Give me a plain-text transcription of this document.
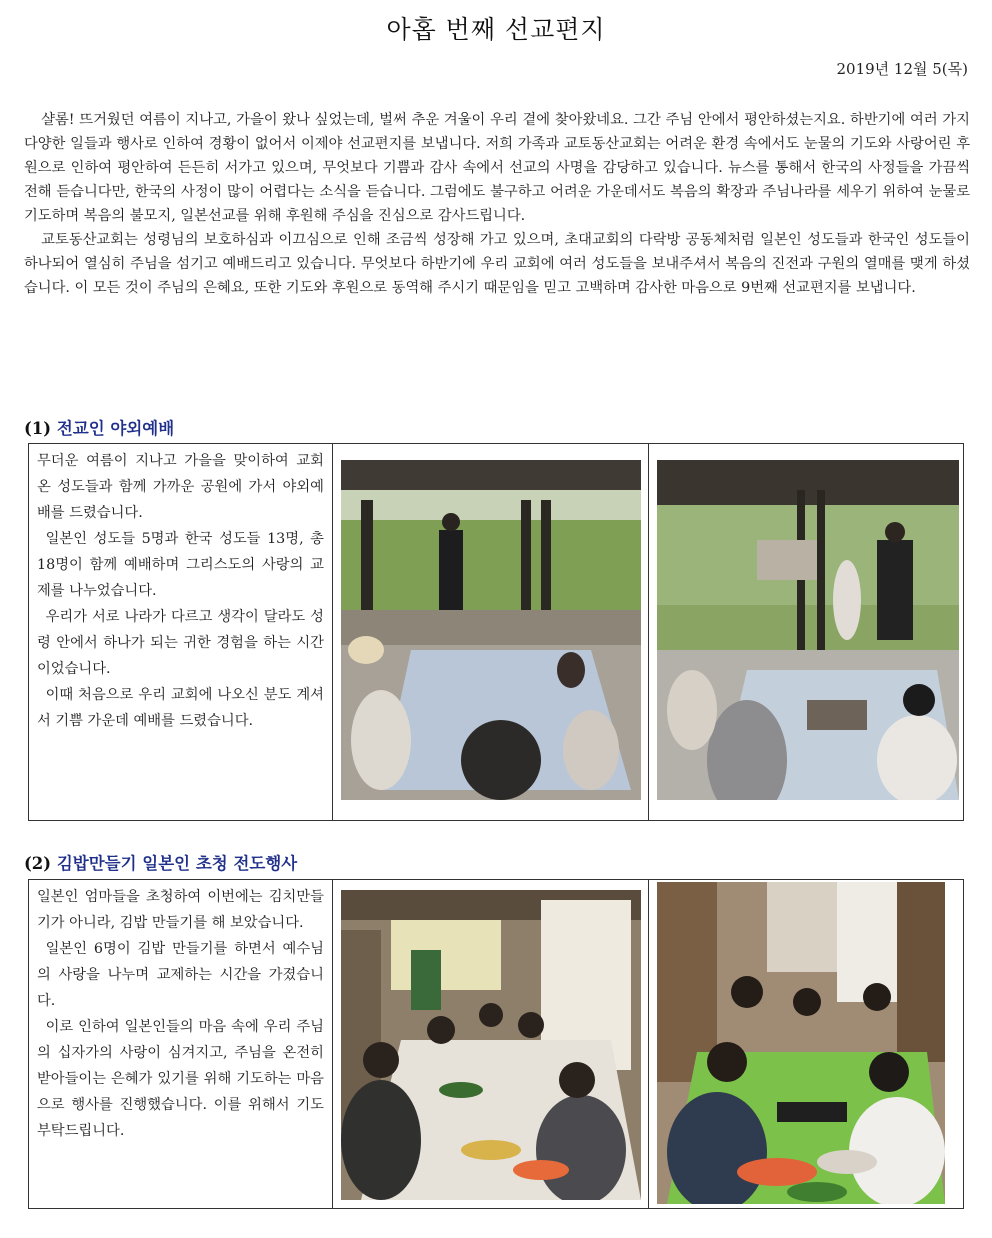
아홉 번째 선교편지
2019년 12월 5(목)

샬롬! 뜨거웠던 여름이 지나고, 가을이 왔나 싶었는데, 벌써 추운 겨울이 우리 곁에 찾아왔네요. 그간 주님 안에서 평안하셨는지요. 하반기에 여러 가지 다양한 일들과 행사로 인하여 경황이 없어서 이제야 선교편지를 보냅니다. 저희 가족과 교토동산교회는 어려운 환경 속에서도 눈물의 기도와 사랑어린 후원으로 인하여 평안하여 든든히 서가고 있으며, 무엇보다 기쁨과 감사 속에서 선교의 사명을 감당하고 있습니다. 뉴스를 통해서 한국의 사정들을 가끔씩 전해 듣습니다만, 한국의 사정이 많이 어렵다는 소식을 듣습니다. 그럼에도 불구하고 어려운 가운데서도 복음의 확장과 주님나라를 세우기 위하여 눈물로 기도하며 복음의 불모지, 일본선교를 위해 후원해 주심을 진심으로 감사드립니다.

교토동산교회는 성령님의 보호하심과 이끄심으로 인해 조금씩 성장해 가고 있으며, 초대교회의 다락방 공동체처럼 일본인 성도들과 한국인 성도들이 하나되어 열심히 주님을 섬기고 예배드리고 있습니다. 무엇보다 하반기에 우리 교회에 여러 성도들을 보내주셔서 복음의 진전과 구원의 열매를 맺게 하셨습니다. 이 모든 것이 주님의 은혜요, 또한 기도와 후원으로 동역해 주시기 때문임을 믿고 고백하며 감사한 마음으로 9번째 선교편지를 보냅니다.

(1) 전교인 야외예배

무더운 여름이 지나고 가을을 맞이하여 교회 온 성도들과 함께 가까운 공원에 가서 야외예배를 드렸습니다.

일본인 성도들 5명과 한국 성도들 13명, 총 18명이 함께 예배하며 그리스도의 사랑의 교제를 나누었습니다.

우리가 서로 나라가 다르고 생각이 달라도 성령 안에서 하나가 되는 귀한 경험을 하는 시간이었습니다.

이때 처음으로 우리 교회에 나오신 분도 계셔서 기쁨 가운데 예배를 드렸습니다.

(2) 김밥만들기 일본인 초청 전도행사

일본인 엄마들을 초청하여 이번에는 김치만들기가 아니라, 김밥 만들기를 해 보았습니다.

일본인 6명이 김밥 만들기를 하면서 예수님의 사랑을 나누며 교제하는 시간을 가졌습니다.

이로 인하여 일본인들의 마음 속에 우리 주님의 십자가의 사랑이 심겨지고, 주님을 온전히 받아들이는 은혜가 있기를 위해 기도하는 마음으로 행사를 진행했습니다. 이를 위해서 기도 부탁드립니다.
